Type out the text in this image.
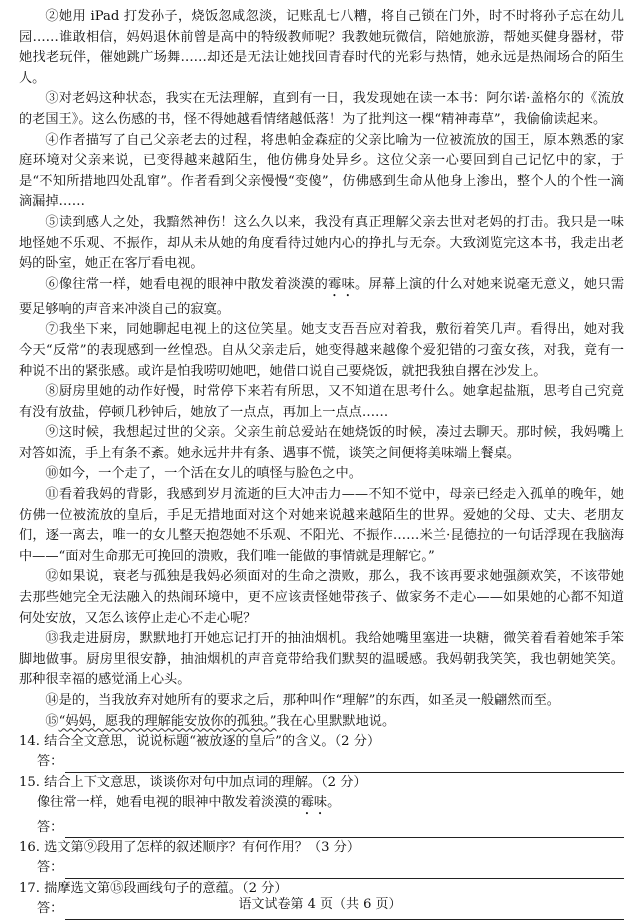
②她用 iPad 打发孙子，烧饭忽咸忽淡，记账乱七八糟，将自己锁在门外，时不时将孙子忘在幼儿园……谁敢相信，妈妈退休前曾是高中的特级教师呢？我教她玩微信，陪她旅游，帮她买健身器材，带她找老玩伴，催她跳广场舞……却还是无法让她找回青春时代的光彩与热情，她永远是热闹场合的陌生人。

③对老妈这种状态，我实在无法理解，直到有一日，我发现她在读一本书：阿尔诺·盖格尔的《流放的老国王》。这么伤感的书，怪不得她越看情绪越低落！为了批判这一棵“精神毒草”，我偷偷读起来。

④作者描写了自己父亲老去的过程，将患帕金森症的父亲比喻为一位被流放的国王，原本熟悉的家庭环境对父亲来说，已变得越来越陌生，他仿佛身处异乡。这位父亲一心要回到自己记忆中的家，于是“不知所措地四处乱窜”。作者看到父亲慢慢“变傻”，仿佛感到生命从他身上渗出，整个人的个性一滴滴漏掉……

⑤读到感人之处，我黯然神伤！这么久以来，我没有真正理解父亲去世对老妈的打击。我只是一味地怪她不乐观、不振作，却从未从她的角度看待过她内心的挣扎与无奈。大致浏览完这本书，我走出老妈的卧室，她正在客厅看电视。

⑥像往常一样，她看电视的眼神中散发着淡漠的霉味。屏幕上演的什么对她来说毫无意义，她只需要足够响的声音来冲淡自己的寂寞。

⑦我坐下来，同她聊起电视上的这位笑星。她支支吾吾应对着我，敷衍着笑几声。看得出，她对我今天“反常”的表现感到一丝惶恐。自从父亲走后，她变得越来越像个爱犯错的刁蛮女孩，对我，竟有一种说不出的紧张感。或许是怕我唠叨她吧，她借口说自己要烧饭，就把我独自撂在沙发上。

⑧厨房里她的动作好慢，时常停下来若有所思，又不知道在思考什么。她拿起盐瓶，思考自己究竟有没有放盐，停顿几秒钟后，她放了一点点，再加上一点点……

⑨这时候，我想起过世的父亲。父亲生前总爱站在她烧饭的时候，凑过去聊天。那时候，我妈嘴上对答如流，手上有条不紊。她永远井井有条、遇事不慌，谈笑之间便将美味端上餐桌。

⑩如今，一个走了，一个活在女儿的嗔怪与脸色之中。

⑪看着我妈的背影，我感到岁月流逝的巨大冲击力——不知不觉中，母亲已经走入孤单的晚年，她仿佛一位被流放的皇后，手足无措地面对这个对她来说越来越陌生的世界。爱她的父母、丈夫、老朋友们，逐一离去，唯一的女儿整天抱怨她不乐观、不阳光、不振作……米兰·昆德拉的一句话浮现在我脑海中——“面对生命那无可挽回的溃败，我们唯一能做的事情就是理解它。”

⑫如果说，衰老与孤独是我妈必须面对的生命之溃败，那么，我不该再要求她强颜欢笑，不该带她去那些她完全无法融入的热闹环境中，更不应该责怪她带孩子、做家务不走心——如果她的心都不知道何处安放，又怎么该停止走心不走心呢？

⑬我走进厨房，默默地打开她忘记打开的抽油烟机。我给她嘴里塞进一块糖，微笑着看着她笨手笨脚地做事。厨房里很安静，抽油烟机的声音竟带给我们默契的温暖感。我妈朝我笑笑，我也朝她笑笑。那种很幸福的感觉涌上心头。

⑭是的，当我放弃对她所有的要求之后，那种叫作“理解”的东西，如圣灵一般翩然而至。

⑮“妈妈，愿我的理解能安放你的孤独。”我在心里默默地说。

14. 结合全文意思，说说标题“被放逐的皇后”的含义。（2 分）

答：

15. 结合上下文意思，谈谈你对句中加点词的理解。（2 分）

像往常一样，她看电视的眼神中散发着淡漠的霉味。

答：

16. 选文第⑨段用了怎样的叙述顺序？有何作用？（3 分）

答：

17. 揣摩选文第⑮段画线句子的意蕴。（2 分）

答：	语文试卷第 4 页（共 6 页）
